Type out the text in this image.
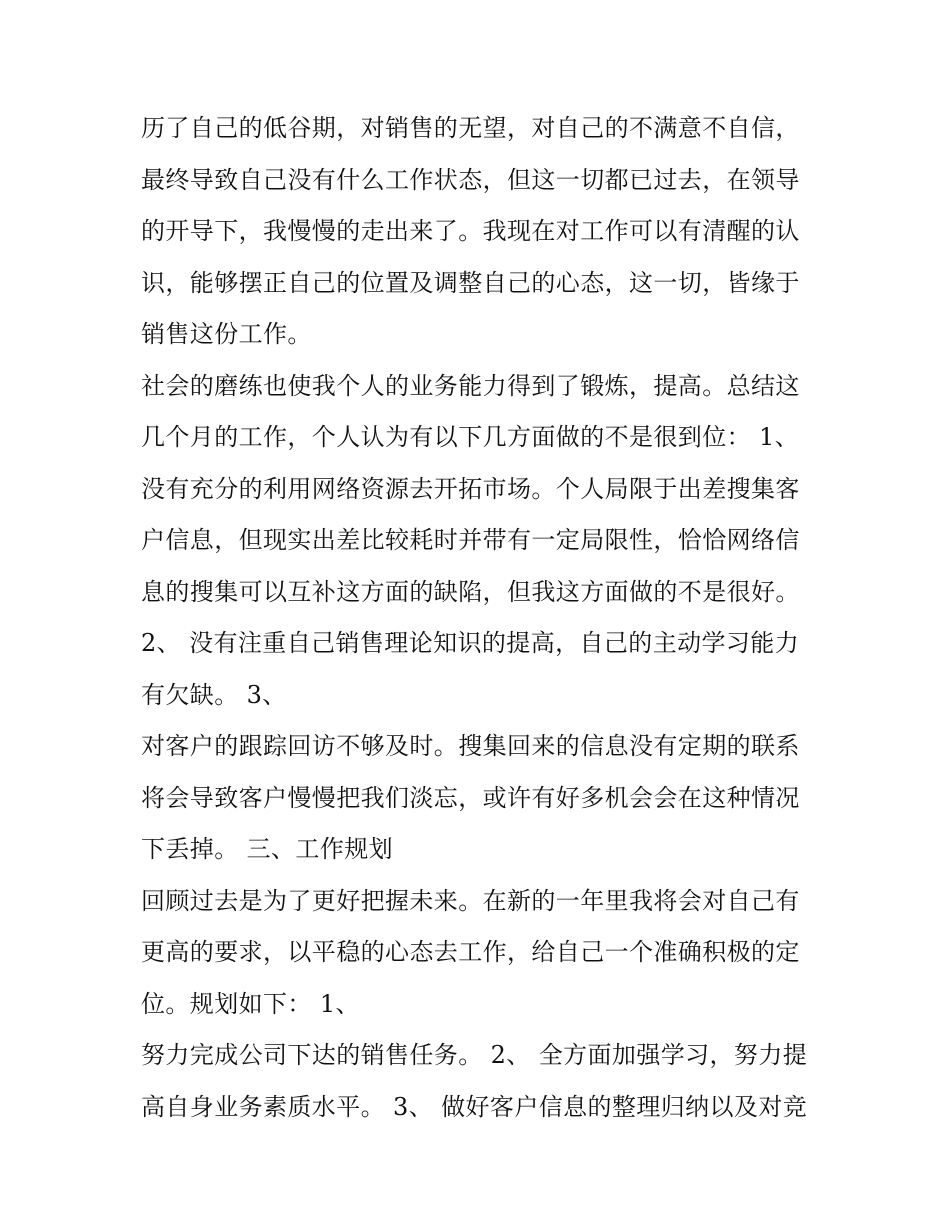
历了自己的低谷期，对销售的无望，对自己的不满意不自信，
最终导致自己没有什么工作状态，但这一切都已过去，在领导
的开导下，我慢慢的走出来了。我现在对工作可以有清醒的认
识，能够摆正自己的位置及调整自己的心态，这一切，皆缘于
销售这份工作。
社会的磨练也使我个人的业务能力得到了锻炼，提高。总结这
几个月的工作，个人认为有以下几方面做的不是很到位： 1、
没有充分的利用网络资源去开拓市场。个人局限于出差搜集客
户信息，但现实出差比较耗时并带有一定局限性，恰恰网络信
息的搜集可以互补这方面的缺陷，但我这方面做的不是很好。
2、 没有注重自己销售理论知识的提高，自己的主动学习能力
有欠缺。 3、
对客户的跟踪回访不够及时。搜集回来的信息没有定期的联系
将会导致客户慢慢把我们淡忘，或许有好多机会会在这种情况
下丢掉。 三、工作规划
回顾过去是为了更好把握未来。在新的一年里我将会对自己有
更高的要求，以平稳的心态去工作，给自己一个准确积极的定
位。规划如下： 1、
努力完成公司下达的销售任务。 2、 全方面加强学习，努力提
高自身业务素质水平。 3、 做好客户信息的整理归纳以及对竞
